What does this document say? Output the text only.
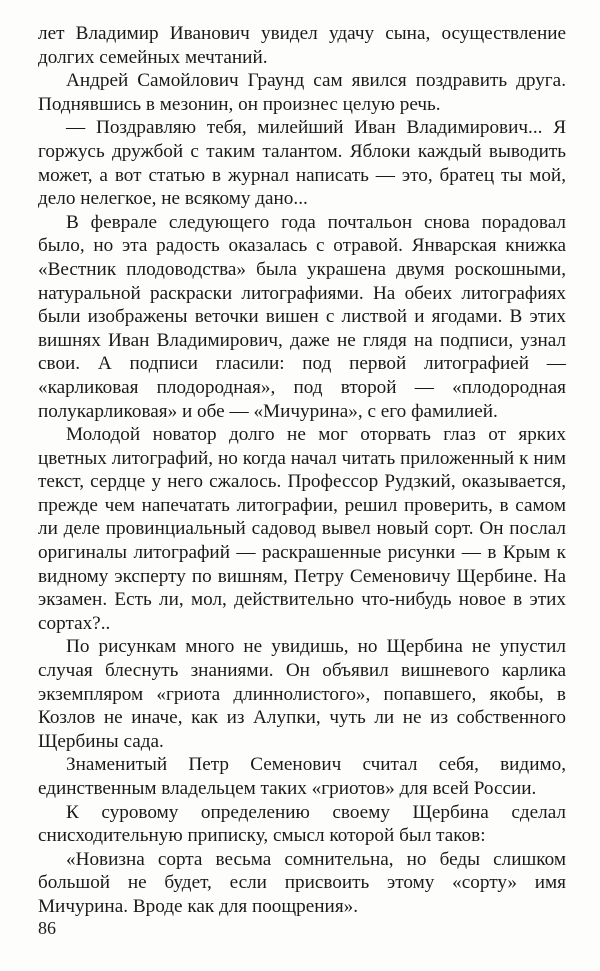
лет Владимир Иванович увидел удачу сына, осуществление долгих семейных мечтаний.

Андрей Самойлович Граунд сам явился поздравить друга. Поднявшись в мезонин, он произнес целую речь.

— Поздравляю тебя, милейший Иван Владимирович... Я горжусь дружбой с таким талантом. Яблоки каждый выводить может, а вот статью в журнал написать — это, братец ты мой, дело нелегкое, не всякому дано...

В феврале следующего года почтальон снова порадовал было, но эта радость оказалась с отравой. Январская книжка «Вестник плодоводства» была украшена двумя роскошными, натуральной раскраски литографиями. На обеих литографиях были изображены веточки вишен с листвой и ягодами. В этих вишнях Иван Владимирович, даже не глядя на подписи, узнал свои. А подписи гласили: под первой литографией — «карликовая плодородная», под второй — «плодородная полукарликовая» и обе — «Мичурина», с его фамилией.

Молодой новатор долго не мог оторвать глаз от ярких цветных литографий, но когда начал читать приложенный к ним текст, сердце у него сжалось. Профессор Рудзкий, оказывается, прежде чем напечатать литографии, решил проверить, в самом ли деле провинциальный садовод вывел новый сорт. Он послал оригиналы литографий — раскрашенные рисунки — в Крым к видному эксперту по вишням, Петру Семеновичу Щербине. На экзамен. Есть ли, мол, действительно что-нибудь новое в этих сортах?..

По рисункам много не увидишь, но Щербина не упустил случая блеснуть знаниями. Он объявил вишневого карлика экземпляром «гриота длиннолистого», попавшего, якобы, в Козлов не иначе, как из Алупки, чуть ли не из собственного Щербины сада.

Знаменитый Петр Семенович считал себя, видимо, единственным владельцем таких «гриотов» для всей России.

К суровому определению своему Щербина сделал снисходительную приписку, смысл которой был таков:

«Новизна сорта весьма сомнительна, но беды слишком большой не будет, если присвоить этому «сорту» имя Мичурина. Вроде как для поощрения».

86
